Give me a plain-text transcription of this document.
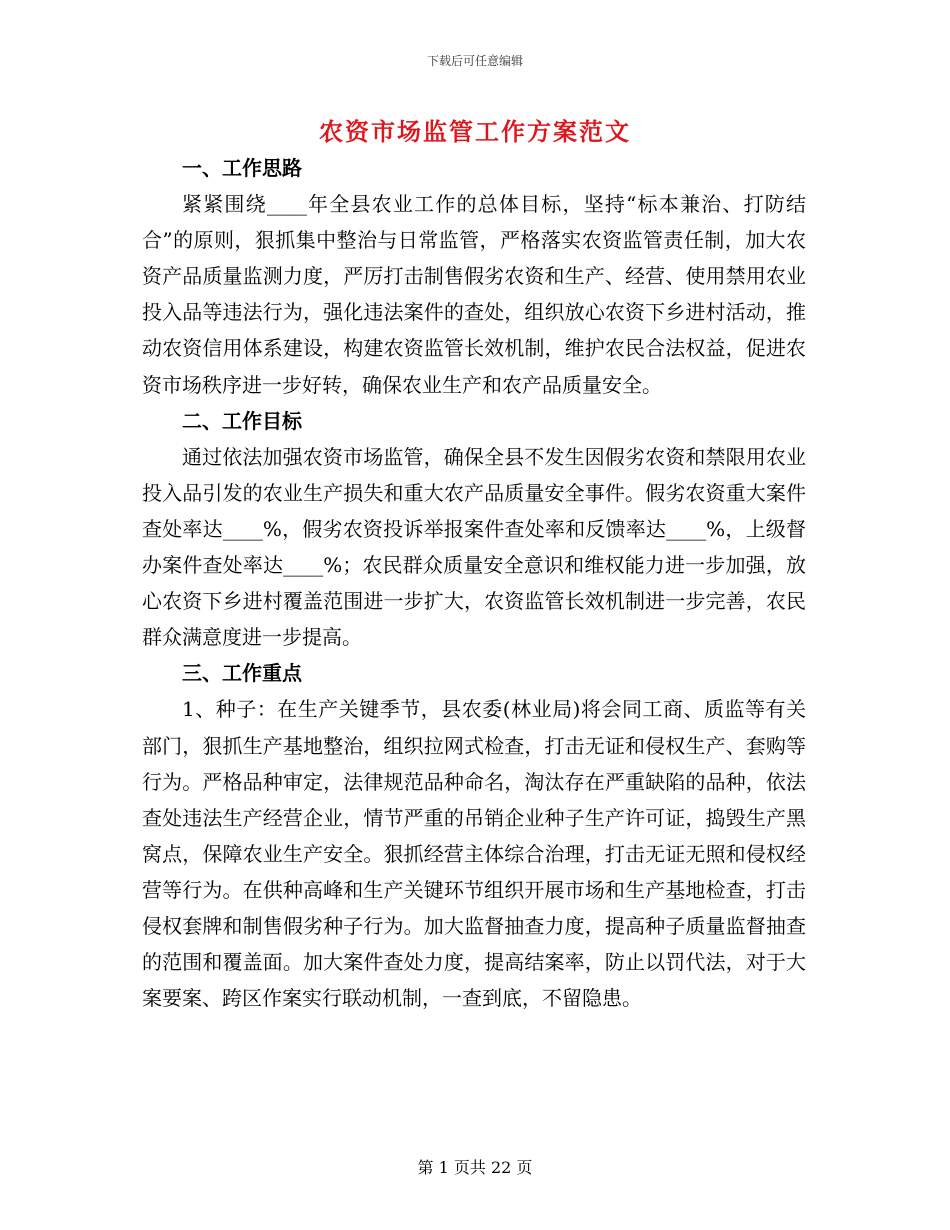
下载后可任意编辑
农资市场监管工作方案范文

一、工作思路

紧紧围绕____年全县农业工作的总体目标，坚持“标本兼治、打防结合”的原则，狠抓集中整治与日常监管，严格落实农资监管责任制，加大农资产品质量监测力度，严厉打击制售假劣农资和生产、经营、使用禁用农业投入品等违法行为，强化违法案件的查处，组织放心农资下乡进村活动，推动农资信用体系建设，构建农资监管长效机制，维护农民合法权益，促进农资市场秩序进一步好转，确保农业生产和农产品质量安全。

二、工作目标

通过依法加强农资市场监管，确保全县不发生因假劣农资和禁限用农业投入品引发的农业生产损失和重大农产品质量安全事件。假劣农资重大案件查处率达____%，假劣农资投诉举报案件查处率和反馈率达____%，上级督办案件查处率达____%；农民群众质量安全意识和维权能力进一步加强，放心农资下乡进村覆盖范围进一步扩大，农资监管长效机制进一步完善，农民群众满意度进一步提高。

三、工作重点

1、种子：在生产关键季节，县农委(林业局)将会同工商、质监等有关部门，狠抓生产基地整治，组织拉网式检查，打击无证和侵权生产、套购等行为。严格品种审定，法律规范品种命名，淘汰存在严重缺陷的品种，依法查处违法生产经营企业，情节严重的吊销企业种子生产许可证，捣毁生产黑窝点，保障农业生产安全。狠抓经营主体综合治理，打击无证无照和侵权经营等行为。在供种高峰和生产关键环节组织开展市场和生产基地检查，打击侵权套牌和制售假劣种子行为。加大监督抽查力度，提高种子质量监督抽查的范围和覆盖面。加大案件查处力度，提高结案率，防止以罚代法，对于大案要案、跨区作案实行联动机制，一查到底，不留隐患。

第 1 页共 22 页
